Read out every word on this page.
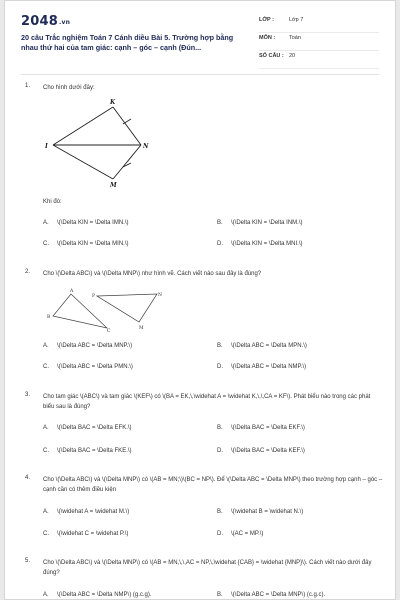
$2048^{.vn}$
20 câu Trắc nghiệm Toán 7 Cánh diều Bài 5. Trường hợp bằng nhau thứ hai của tam giác: cạnh – góc – cạnh (Đún...
LỚP :	Lớp 7
MÔN :	Toán
SỐ CÂU : 20
1. Cho hình dưới đây:
K
I	N
M
Khi đó:
A. \(\Delta KIN = \Delta IMN.\)	B. \(\Delta KIN = \Delta INM.\)
C. \(\Delta KIN = \Delta MIN.\)	D. \(\Delta KIN = \Delta MNI.\)
2. Cho \(\Delta ABC\) và \(\Delta MNP\) như hình vẽ. Cách viết nào sau đây là đúng?
A
B
C
P	N
M
A. \(\Delta ABC = \Delta MNP.\)	B. \(\Delta ABC = \Delta MPN.\)
C. \(\Delta ABC = \Delta PMN.\)	D. \(\Delta ABC = \Delta NMP.\)
3. Cho tam giác \(ABC\) và tam giác \(KEF\) có \(BA = EK,\,\widehat A = \widehat K,\,\,CA = KF\). Phát biểu nào trong các phát biểu sau là đúng?
A. \(\Delta BAC = \Delta EFK.\)	B. \(\Delta BAC = \Delta EKF.\)
C. \(\Delta BAC = \Delta FKE.\)	D. \(\Delta BAC = \Delta KEF.\)
4. Cho \(\Delta ABC\) và \(\Delta MNP\) có \(AB = MN;\)\(BC = NP\). Để \(\Delta ABC = \Delta MNP\) theo trường hợp cạnh – góc – cạnh cần có thêm điều kiện
A. \(\widehat A = \widehat M.\)	B. \(\widehat B = \widehat N.\)
C. \(\widehat C = \widehat P.\)	D. \(AC = MP.\)
5. Cho \(\Delta ABC\) và \(\Delta MNP\) có \(AB = MN,\,\,AC = NP,\,\widehat {CAB} = \widehat {MNP}\). Cách viết nào dưới đây đúng?
A. \(\Delta ABC = \Delta NMP\) (g.c.g).	B. \(\Delta ABC = \Delta MNP\) (c.g.c).
